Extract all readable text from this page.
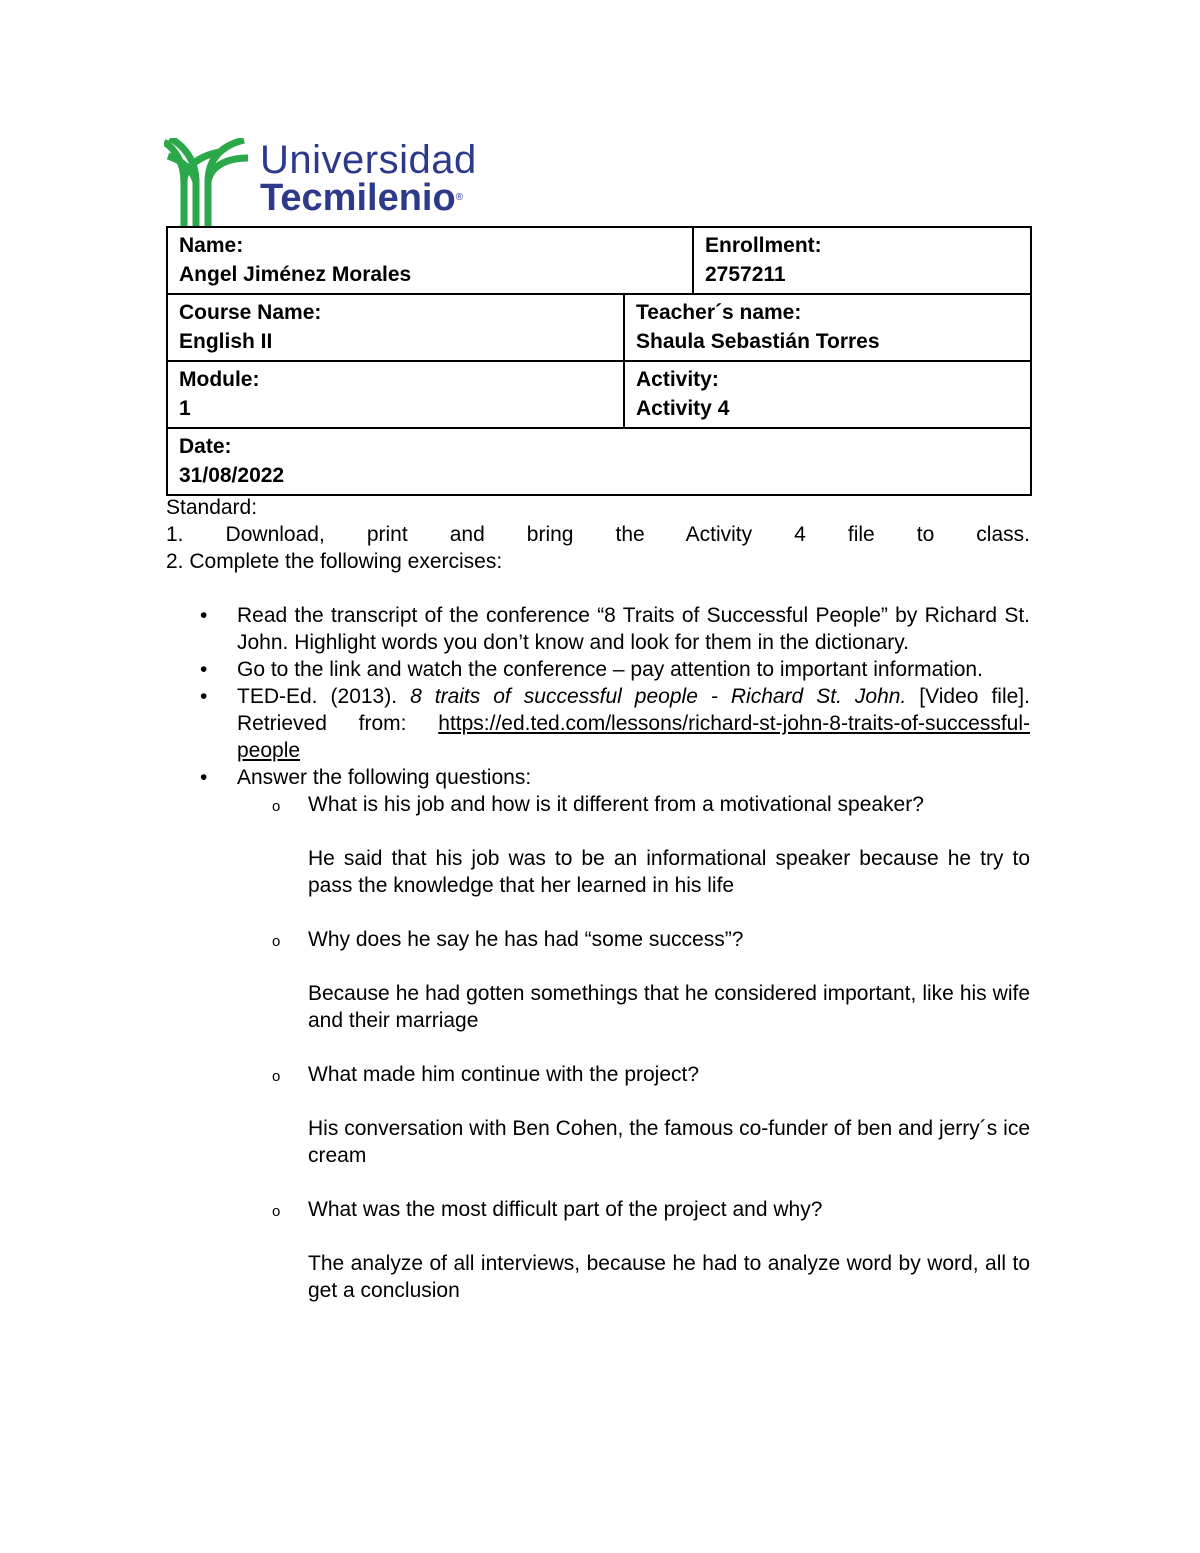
Universidad
Tecmilenio®
Name:
Angel Jiménez Morales		Enrollment:
2757211

Course Name:
English II	Teacher´s name:
Shaula Sebastián Torres	

Module:
1	Activity:
Activity 4	

Date:
31/08/2022		
Standard:
1. Download, print and bring the Activity 4 file to class.
2. Complete the following exercises:
• Read the transcript of the conference “8 Traits of Successful People” by Richard St. John. Highlight words you don’t know and look for them in the dictionary.
• Go to the link and watch the conference – pay attention to important information.
• TED-Ed. (2013). 8 traits of successful people - Richard St. John. [Video file]. Retrieved from: https://ed.ted.com/lessons/richard-st-john-8-traits-of-successful-people
• Answer the following questions:
o What is his job and how is it different from a motivational speaker?

He said that his job was to be an informational speaker because he try to pass the knowledge that her learned in his life

o Why does he say he has had “some success”?

Because he had gotten somethings that he considered important, like his wife and their marriage

o What made him continue with the project?

His conversation with Ben Cohen, the famous co-funder of ben and jerry´s ice cream

o What was the most difficult part of the project and why?

The analyze of all interviews, because he had to analyze word by word, all to get a conclusion
